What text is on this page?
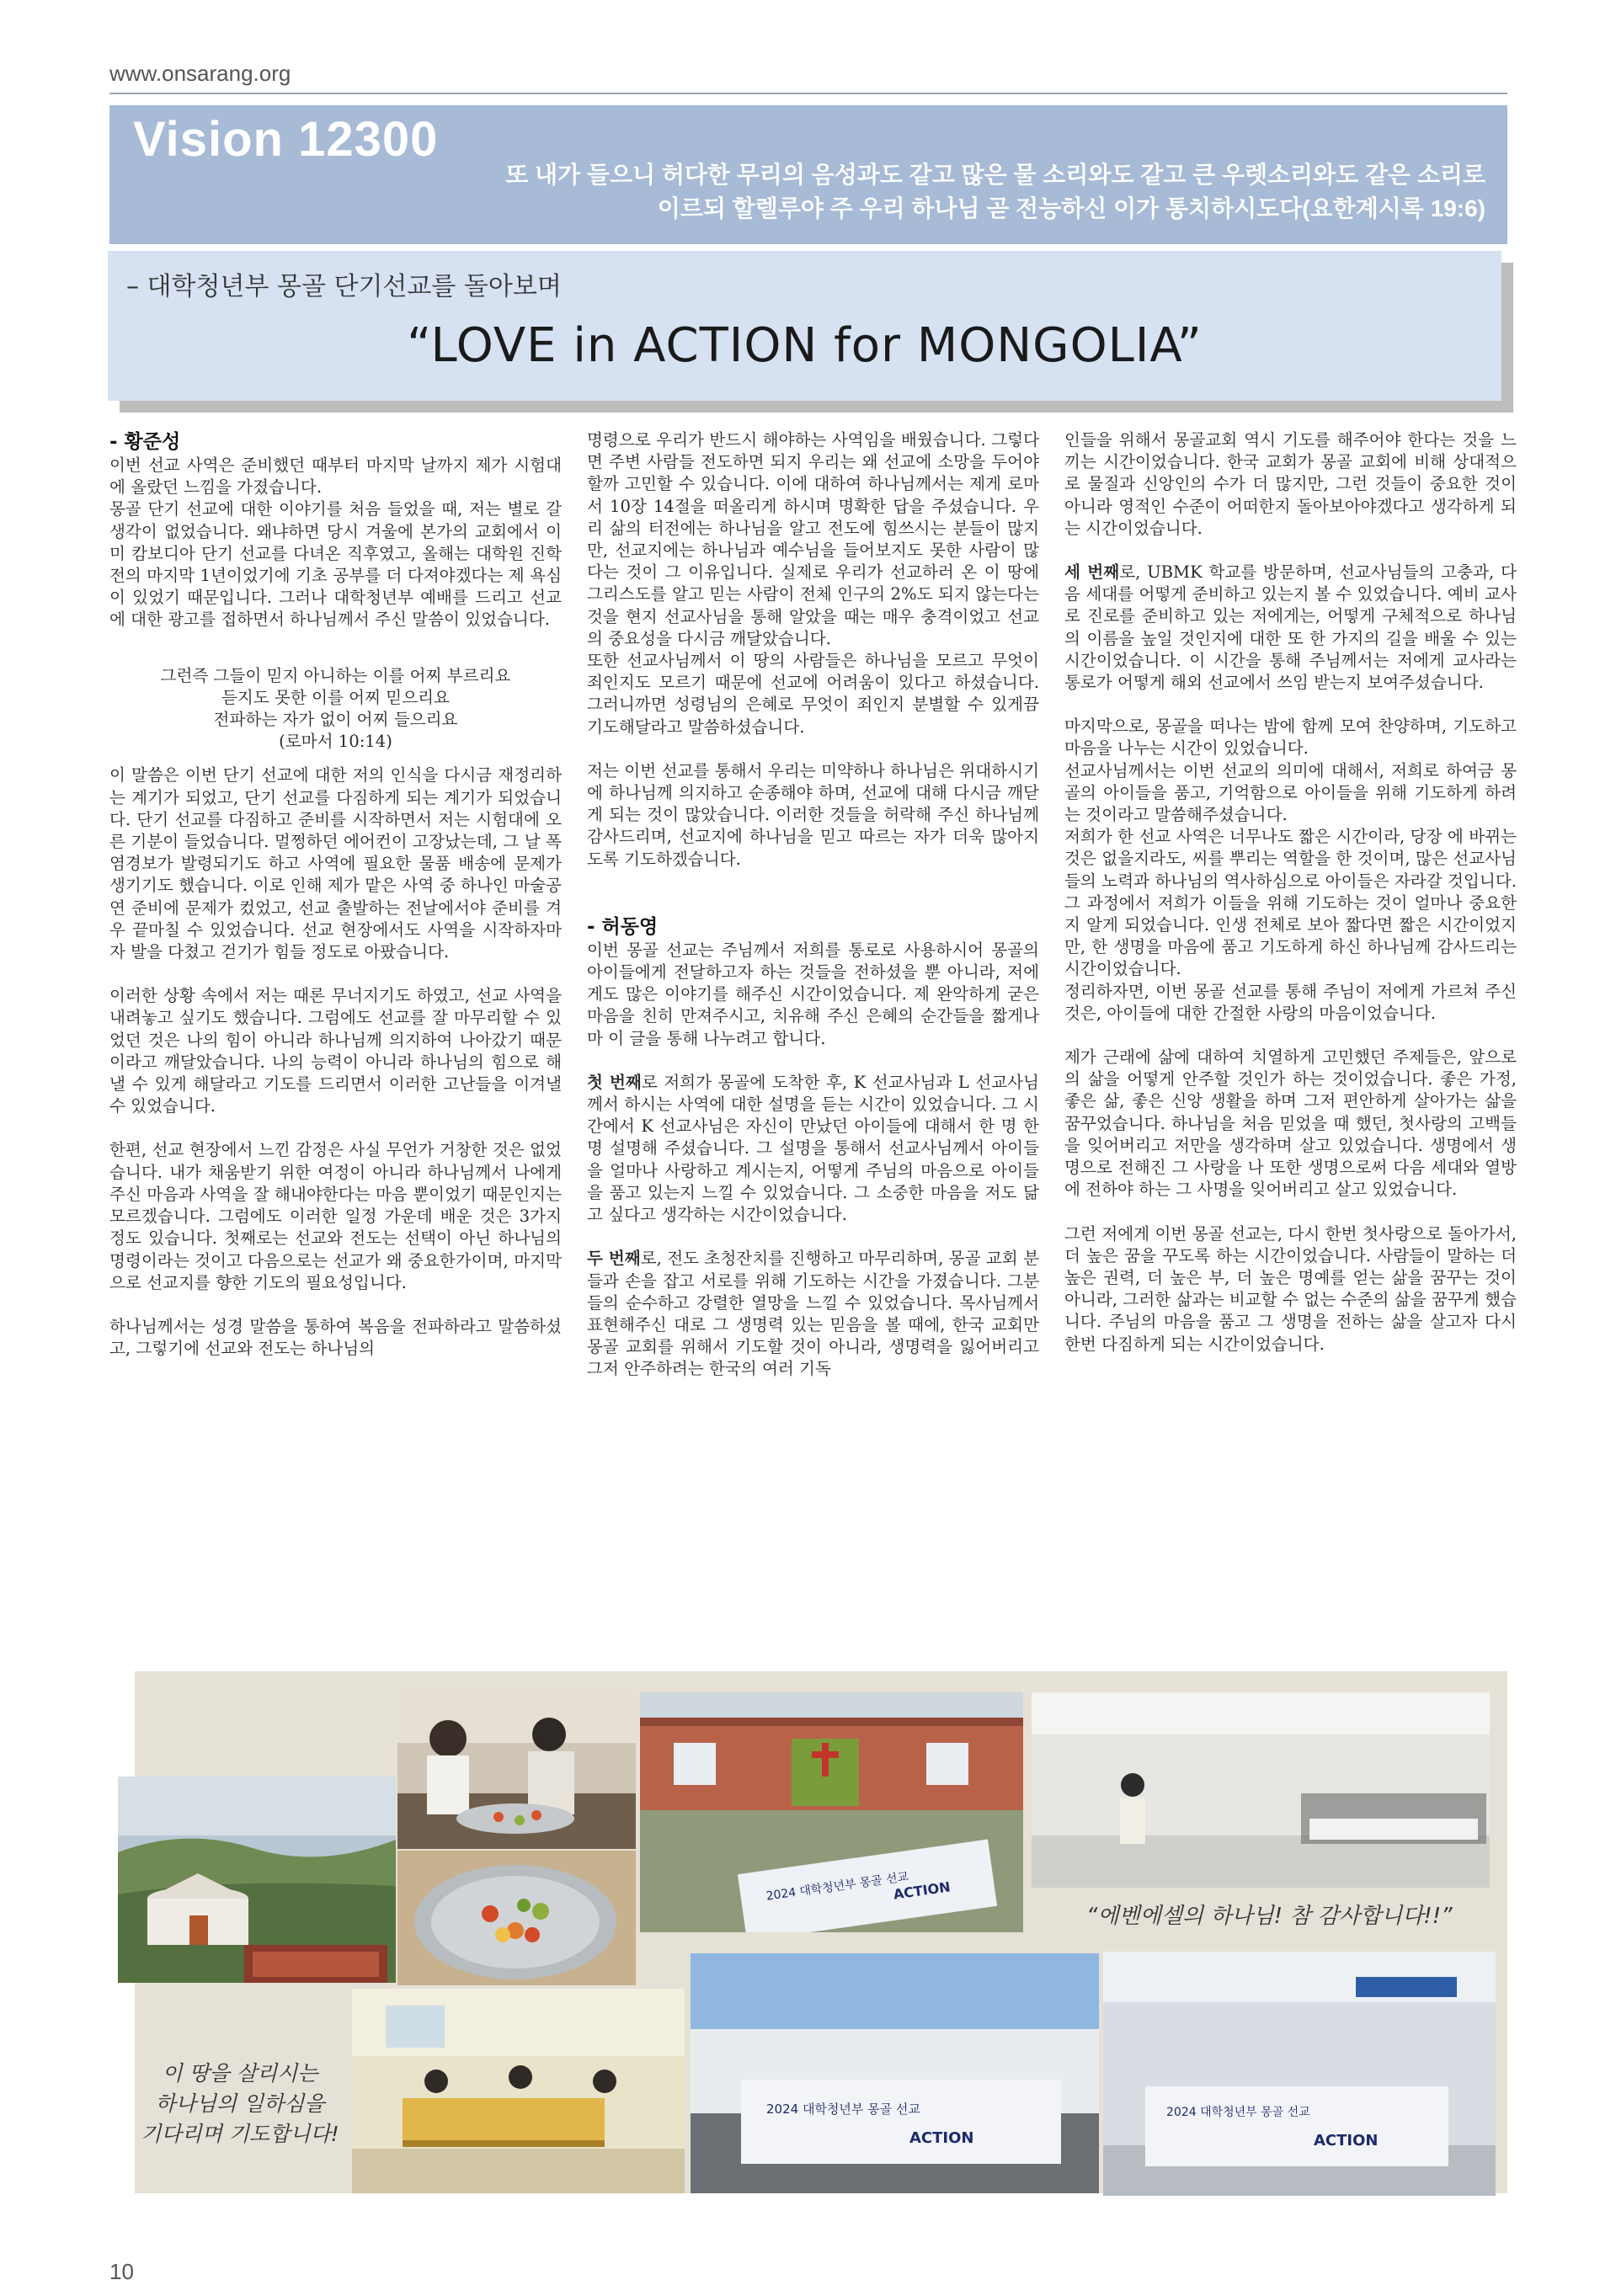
www.onsarang.org
Vision 12300
또 내가 들으니 허다한 무리의 음성과도 같고 많은 물 소리와도 같고 큰 우렛소리와도 같은 소리로
이르되 할렐루야 주 우리 하나님 곧 전능하신 이가 통치하시도다(요한계시록 19:6)
– 대학청년부 몽골 단기선교를 돌아보며
“LOVE in ACTION for MONGOLIA”
- 황준성

이번 선교 사역은 준비했던 때부터 마지막 날까지 제가 시험대에 올랐던 느낌을 가졌습니다.

몽골 단기 선교에 대한 이야기를 처음 들었을 때, 저는 별로 갈 생각이 없었습니다. 왜냐하면 당시 겨울에 본가의 교회에서 이미 캄보디아 단기 선교를 다녀온 직후였고, 올해는 대학원 진학 전의 마지막 1년이었기에 기초 공부를 더 다져야겠다는 제 욕심이 있었기 때문입니다. 그러나 대학청년부 예배를 드리고 선교에 대한 광고를 접하면서 하나님께서 주신 말씀이 있었습니다.

그런즉 그들이 믿지 아니하는 이를 어찌 부르리요
듣지도 못한 이를 어찌 믿으리요
전파하는 자가 없이 어찌 들으리요
(로마서 10:14)

이 말씀은 이번 단기 선교에 대한 저의 인식을 다시금 재정리하는 계기가 되었고, 단기 선교를 다짐하게 되는 계기가 되었습니다. 단기 선교를 다짐하고 준비를 시작하면서 저는 시험대에 오른 기분이 들었습니다. 멀쩡하던 에어컨이 고장났는데, 그 날 폭염경보가 발령되기도 하고 사역에 필요한 물품 배송에 문제가 생기기도 했습니다. 이로 인해 제가 맡은 사역 중 하나인 마술공연 준비에 문제가 컸었고, 선교 출발하는 전날에서야 준비를 겨우 끝마칠 수 있었습니다. 선교 현장에서도 사역을 시작하자마자 발을 다쳤고 걷기가 힘들 정도로 아팠습니다.

이러한 상황 속에서 저는 때론 무너지기도 하였고, 선교 사역을 내려놓고 싶기도 했습니다. 그럼에도 선교를 잘 마무리할 수 있었던 것은 나의 힘이 아니라 하나님께 의지하여 나아갔기 때문이라고 깨달았습니다. 나의 능력이 아니라 하나님의 힘으로 해낼 수 있게 해달라고 기도를 드리면서 이러한 고난들을 이겨낼 수 있었습니다.

한편, 선교 현장에서 느낀 감정은 사실 무언가 거창한 것은 없었습니다. 내가 채움받기 위한 여정이 아니라 하나님께서 나에게 주신 마음과 사역을 잘 해내야한다는 마음 뿐이었기 때문인지는 모르겠습니다. 그럼에도 이러한 일정 가운데 배운 것은 3가지 정도 있습니다. 첫째로는 선교와 전도는 선택이 아닌 하나님의 명령이라는 것이고 다음으로는 선교가 왜 중요한가이며, 마지막으로 선교지를 향한 기도의 필요성입니다.

하나님께서는 성경 말씀을 통하여 복음을 전파하라고 말씀하셨고, 그렇기에 선교와 전도는 하나님의

명령으로 우리가 반드시 해야하는 사역임을 배웠습니다. 그렇다면 주변 사람들 전도하면 되지 우리는 왜 선교에 소망을 두어야 할까 고민할 수 있습니다. 이에 대하여 하나님께서는 제게 로마서 10장 14절을 떠올리게 하시며 명확한 답을 주셨습니다. 우리 삶의 터전에는 하나님을 알고 전도에 힘쓰시는 분들이 많지만, 선교지에는 하나님과 예수님을 들어보지도 못한 사람이 많다는 것이 그 이유입니다. 실제로 우리가 선교하러 온 이 땅에 그리스도를 알고 믿는 사람이 전체 인구의 2%도 되지 않는다는 것을 현지 선교사님을 통해 알았을 때는 매우 충격이었고 선교의 중요성을 다시금 깨달았습니다.

또한 선교사님께서 이 땅의 사람들은 하나님을 모르고 무엇이 죄인지도 모르기 때문에 선교에 어려움이 있다고 하셨습니다. 그러니까면 성령님의 은혜로 무엇이 죄인지 분별할 수 있게끔 기도해달라고 말씀하셨습니다.

저는 이번 선교를 통해서 우리는 미약하나 하나님은 위대하시기에 하나님께 의지하고 순종해야 하며, 선교에 대해 다시금 깨닫게 되는 것이 많았습니다. 이러한 것들을 허락해 주신 하나님께 감사드리며, 선교지에 하나님을 믿고 따르는 자가 더욱 많아지도록 기도하겠습니다.

- 허동영

이번 몽골 선교는 주님께서 저희를 통로로 사용하시어 몽골의 아이들에게 전달하고자 하는 것들을 전하셨을 뿐 아니라, 저에게도 많은 이야기를 해주신 시간이었습니다. 제 완악하게 굳은 마음을 친히 만져주시고, 치유해 주신 은혜의 순간들을 짧게나마 이 글을 통해 나누려고 합니다.

첫 번째로 저희가 몽골에 도착한 후, K 선교사님과 L 선교사님께서 하시는 사역에 대한 설명을 듣는 시간이 있었습니다. 그 시간에서 K 선교사님은 자신이 만났던 아이들에 대해서 한 명 한 명 설명해 주셨습니다. 그 설명을 통해서 선교사님께서 아이들을 얼마나 사랑하고 계시는지, 어떻게 주님의 마음으로 아이들을 품고 있는지 느낄 수 있었습니다. 그 소중한 마음을 저도 닮고 싶다고 생각하는 시간이었습니다.

두 번째로, 전도 초청잔치를 진행하고 마무리하며, 몽골 교회 분들과 손을 잡고 서로를 위해 기도하는 시간을 가졌습니다. 그분들의 순수하고 강렬한 열망을 느낄 수 있었습니다. 목사님께서 표현해주신 대로 그 생명력 있는 믿음을 볼 때에, 한국 교회만 몽골 교회를 위해서 기도할 것이 아니라, 생명력을 잃어버리고 그저 안주하려는 한국의 여러 기독

인들을 위해서 몽골교회 역시 기도를 해주어야 한다는 것을 느끼는 시간이었습니다. 한국 교회가 몽골 교회에 비해 상대적으로 물질과 신앙인의 수가 더 많지만, 그런 것들이 중요한 것이 아니라 영적인 수준이 어떠한지 돌아보아야겠다고 생각하게 되는 시간이었습니다.

세 번째로, UBMK 학교를 방문하며, 선교사님들의 고충과, 다음 세대를 어떻게 준비하고 있는지 볼 수 있었습니다. 예비 교사로 진로를 준비하고 있는 저에게는, 어떻게 구체적으로 하나님의 이름을 높일 것인지에 대한 또 한 가지의 길을 배울 수 있는 시간이었습니다. 이 시간을 통해 주님께서는 저에게 교사라는 통로가 어떻게 해외 선교에서 쓰임 받는지 보여주셨습니다.

마지막으로, 몽골을 떠나는 밤에 함께 모여 찬양하며, 기도하고 마음을 나누는 시간이 있었습니다.

선교사님께서는 이번 선교의 의미에 대해서, 저희로 하여금 몽골의 아이들을 품고, 기억함으로 아이들을 위해 기도하게 하려는 것이라고 말씀해주셨습니다.

저희가 한 선교 사역은 너무나도 짧은 시간이라, 당장 에 바뀌는 것은 없을지라도, 씨를 뿌리는 역할을 한 것이며, 많은 선교사님들의 노력과 하나님의 역사하심으로 아이들은 자라갈 것입니다. 그 과정에서 저희가 이들을 위해 기도하는 것이 얼마나 중요한지 알게 되었습니다. 인생 전체로 보아 짧다면 짧은 시간이었지만, 한 생명을 마음에 품고 기도하게 하신 하나님께 감사드리는 시간이었습니다.

정리하자면, 이번 몽골 선교를 통해 주님이 저에게 가르쳐 주신 것은, 아이들에 대한 간절한 사랑의 마음이었습니다.

제가 근래에 삶에 대하여 치열하게 고민했던 주제들은, 앞으로의 삶을 어떻게 안주할 것인가 하는 것이었습니다. 좋은 가정, 좋은 삶, 좋은 신앙 생활을 하며 그저 편안하게 살아가는 삶을 꿈꾸었습니다. 하나님을 처음 믿었을 때 했던, 첫사랑의 고백들을 잊어버리고 저만을 생각하며 살고 있었습니다. 생명에서 생명으로 전해진 그 사랑을 나 또한 생명으로써 다음 세대와 열방에 전하야 하는 그 사명을 잊어버리고 살고 있었습니다.

그런 저에게 이번 몽골 선교는, 다시 한번 첫사랑으로 돌아가서, 더 높은 꿈을 꾸도록 하는 시간이었습니다. 사람들이 말하는 더 높은 권력, 더 높은 부, 더 높은 명예를 얻는 삶을 꿈꾸는 것이 아니라, 그러한 삶과는 비교할 수 없는 수준의 삶을 꿈꾸게 했습니다. 주님의 마음을 품고 그 생명을 전하는 삶을 살고자 다시 한번 다짐하게 되는 시간이었습니다.

2024 대학청년부 몽골 선교
ACTION
2024 대학청년부 몽골 선교
ACTION
2024 대학청년부 몽골 선교
ACTION
“에벤에셀의 하나님! 참 감사합니다!!”
이 땅을 살리시는
하나님의 일하심을
기다리며 기도합니다!
10
